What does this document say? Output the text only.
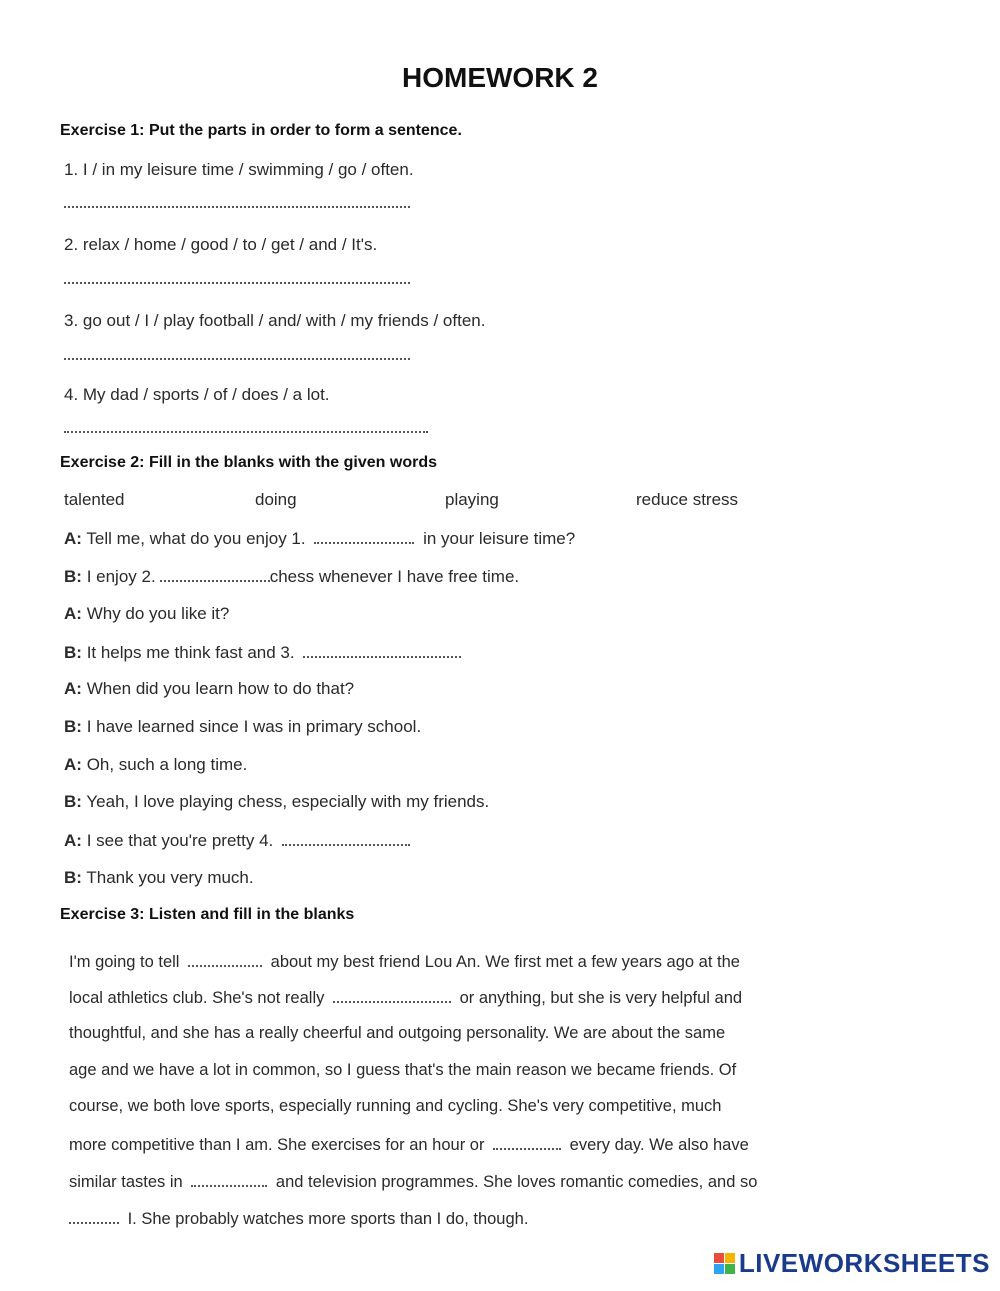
HOMEWORK 2
Exercise 1: Put the parts in order to form a sentence.
1. I / in my leisure time / swimming / go / often.
2. relax / home / good / to / get / and / It's.
3. go out / I / play football / and/ with / my friends / often.
4. My dad / sports / of / does / a lot.
Exercise 2: Fill in the blanks with the given words
talented	doing	playing	reduce stress
A: Tell me, what do you enjoy 1.	in your leisure time?
B: I enjoy 2.	chess whenever I have free time.
A: Why do you like it?
B: It helps me think fast and 3.
A: When did you learn how to do that?
B: I have learned since I was in primary school.
A: Oh, such a long time.
B: Yeah, I love playing chess, especially with my friends.
A: I see that you're pretty 4.
B: Thank you very much.
Exercise 3: Listen and fill in the blanks
I'm going to tell	about my best friend Lou An. We first met a few years ago at the
local athletics club. She's not really	or anything, but she is very helpful and
thoughtful, and she has a really cheerful and outgoing personality. We are about the same
age and we have a lot in common, so I guess that's the main reason we became friends. Of
course, we both love sports, especially running and cycling. She's very competitive, much
more competitive than I am. She exercises for an hour or	every day. We also have
similar tastes in	and television programmes. She loves romantic comedies, and so
I. She probably watches more sports than I do, though.
LIVEWORKSHEETS
